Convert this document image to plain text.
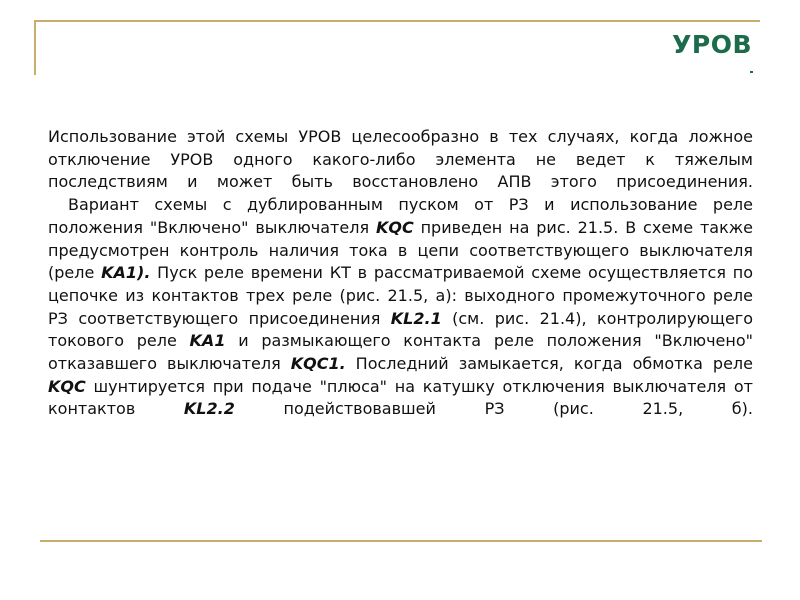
УРОВ

Использование этой схемы УРОВ целесообразно в тех случаях, когда ложное отключение УРОВ одного какого-либо элемента не ведет к тяжелым последствиям и может быть восстановлено АПВ этого присоединения.

Вариант схемы с дублированным пуском от РЗ и использование реле положения "Включено" выключателя KQC приведен на рис. 21.5. В схеме также предусмотрен контроль наличия тока в цепи соответствующего выключателя (реле KA1). Пуск реле времени КТ в рассматриваемой схеме осуществляется по цепочке из контактов трех реле (рис. 21.5, а): выходного промежуточного реле РЗ соответствующего присоединения KL2.1 (см. рис. 21.4), контролирующего токового реле KA1 и размыкающего контакта реле положения "Включено" отказавшего выключателя KQC1. Последний замыкается, когда обмотка реле KQC шунтируется при подаче "плюса" на катушку отключения выключателя от контактов KL2.2 подействовавшей РЗ (рис. 21.5, б).
